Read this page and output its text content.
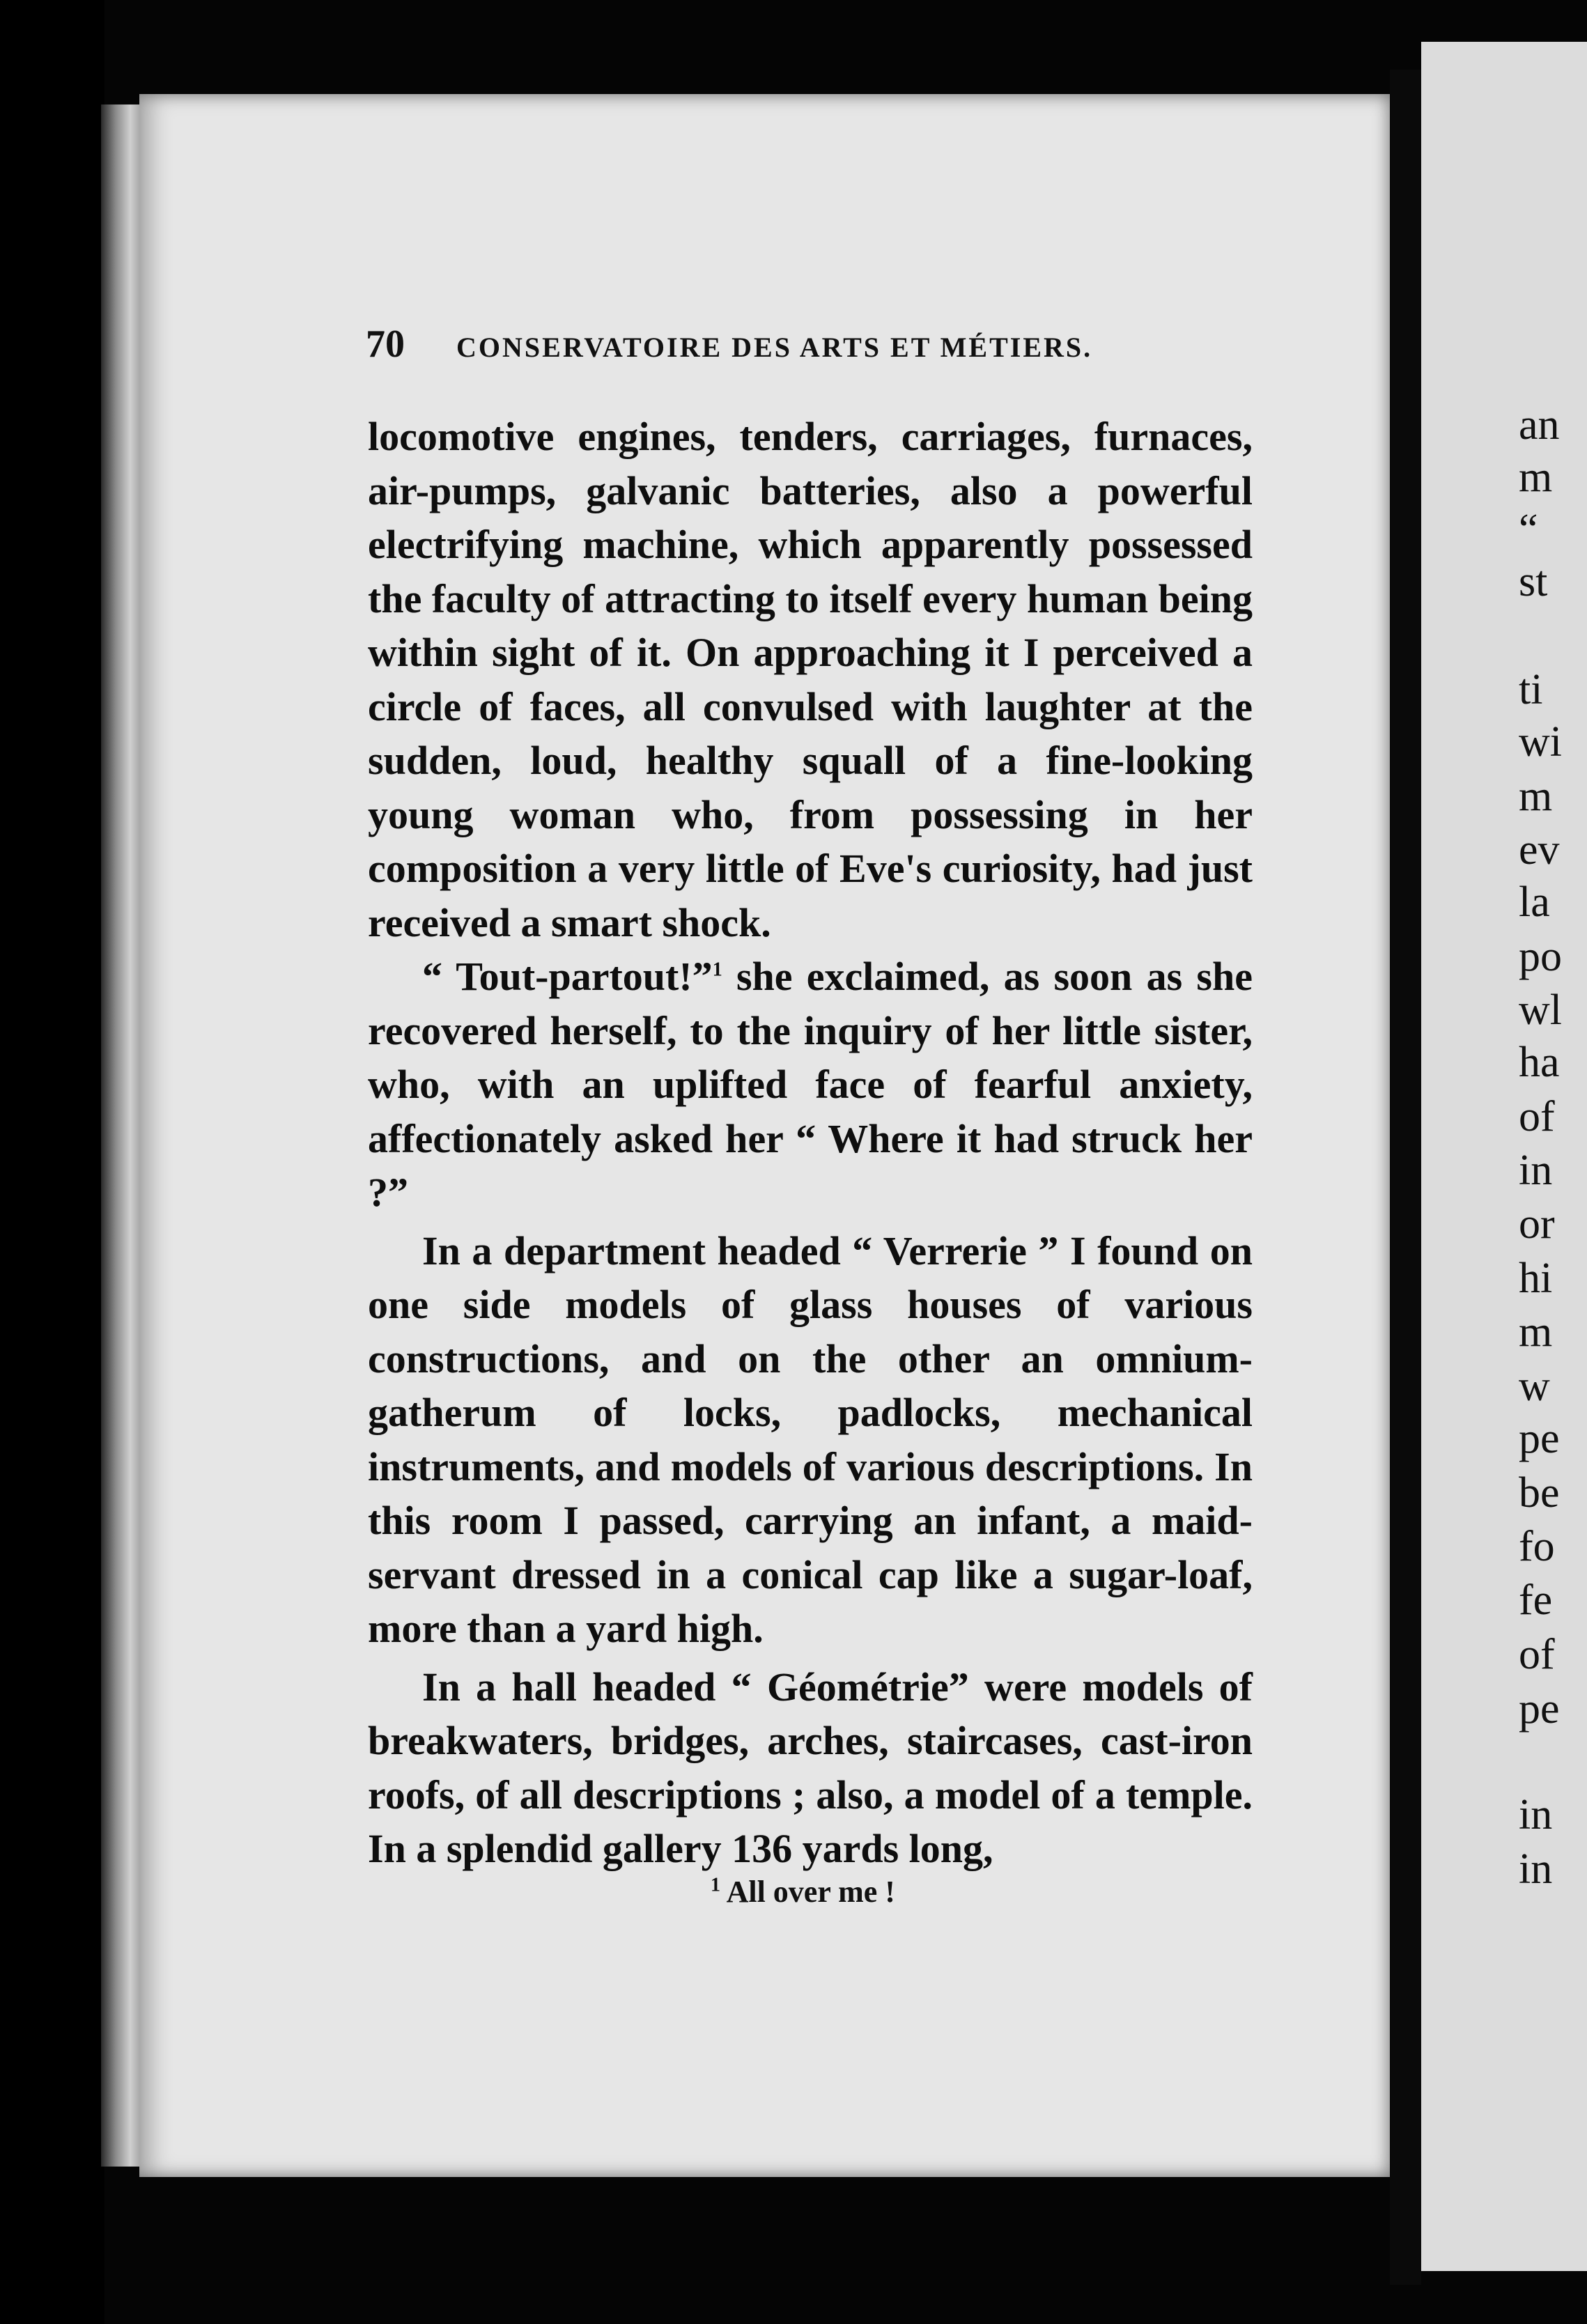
70 CONSERVATOIRE DES ARTS ET MÉTIERS.

locomotive engines, tenders, carriages, furnaces, air-pumps, galvanic batteries, also a powerful electrifying machine, which apparently possessed the faculty of attracting to itself every human being within sight of it. On approaching it I perceived a circle of faces, all convulsed with laughter at the sudden, loud, healthy squall of a fine-looking young woman who, from possessing in her composition a very little of Eve's curiosity, had just received a smart shock.

“ Tout-partout!”$^1$ she exclaimed, as soon as she recovered herself, to the inquiry of her little sister, who, with an uplifted face of fearful anxiety, affectionately asked her “ Where it had struck her ?”

In a department headed “ Verrerie ” I found on one side models of glass houses of various constructions, and on the other an omnium-gatherum of locks, padlocks, mechanical instruments, and models of various descriptions. In this room I passed, carrying an infant, a maid-servant dressed in a conical cap like a sugar-loaf, more than a yard high.

In a hall headed “ Géométrie” were models of breakwaters, bridges, arches, staircases, cast-iron roofs, of all descriptions ; also, a model of a temple. In a splendid gallery 136 yards long,

$^1$ All over me !
an
m
“
st
ti
wi
m
ev
la
po
wl
ha
of
in
or
hi
m
w
pe
be
fo
fe
of
pe
in
in
